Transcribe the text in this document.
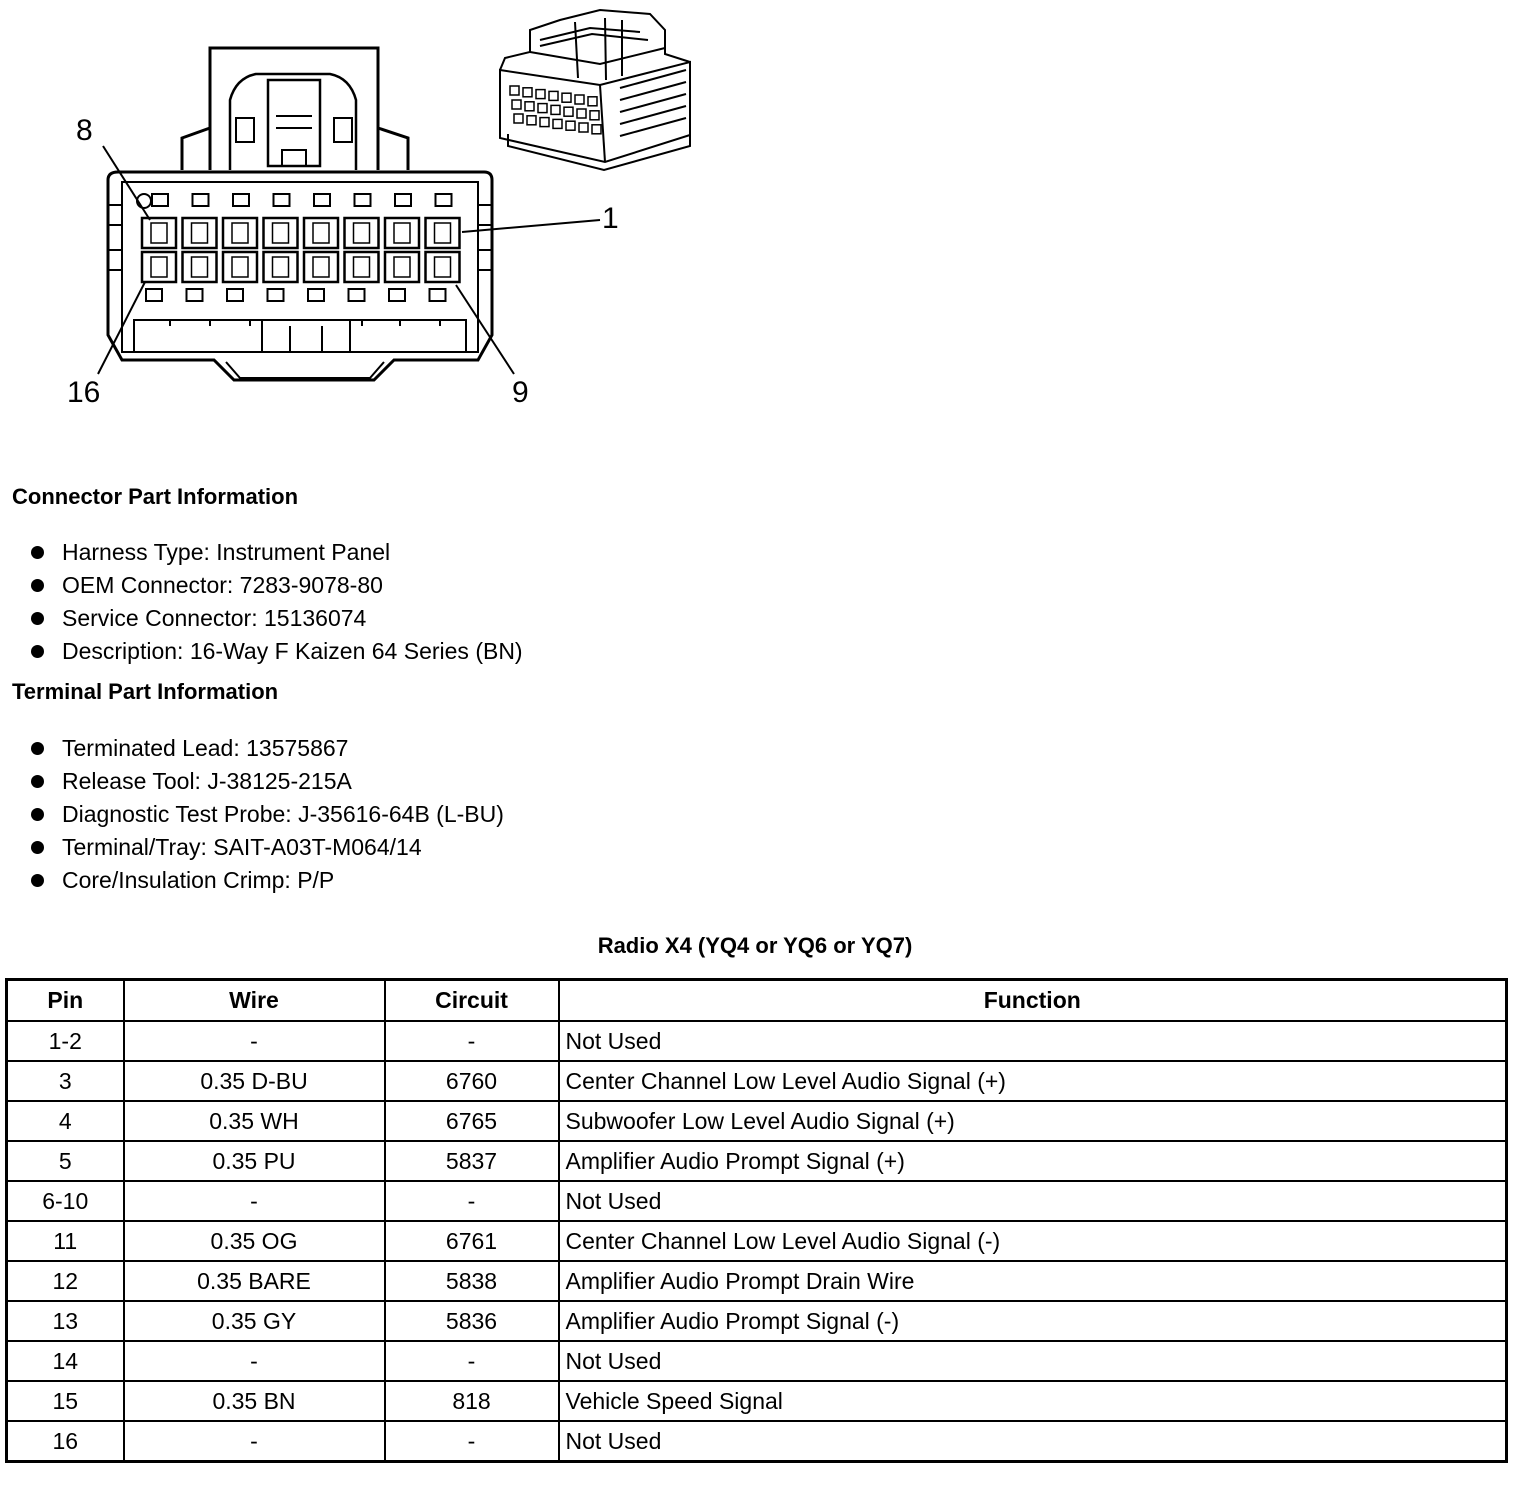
8
1
16	9
Connector Part Information
Harness Type: Instrument Panel
OEM Connector: 7283-9078-80
Service Connector: 15136074
Description: 16-Way F Kaizen 64 Series (BN)
Terminal Part Information
Terminated Lead: 13575867
Release Tool: J-38125-215A
Diagnostic Test Probe: J-35616-64B (L-BU)
Terminal/Tray: SAIT-A03T-M064/14
Core/Insulation Crimp: P/P
Radio X4 (YQ4 or YQ6 or YQ7)
Pin	Wire	Circuit	Function
1-2	-	-	Not Used
3	0.35 D-BU	6760	Center Channel Low Level Audio Signal (+)
4	0.35 WH	6765	Subwoofer Low Level Audio Signal (+)
5	0.35 PU	5837	Amplifier Audio Prompt Signal (+)
6-10	-	-	Not Used
11	0.35 OG	6761	Center Channel Low Level Audio Signal (-)
12	0.35 BARE	5838	Amplifier Audio Prompt Drain Wire
13	0.35 GY	5836	Amplifier Audio Prompt Signal (-)
14	-	-	Not Used
15	0.35 BN	818	Vehicle Speed Signal
16	-	-	Not Used
